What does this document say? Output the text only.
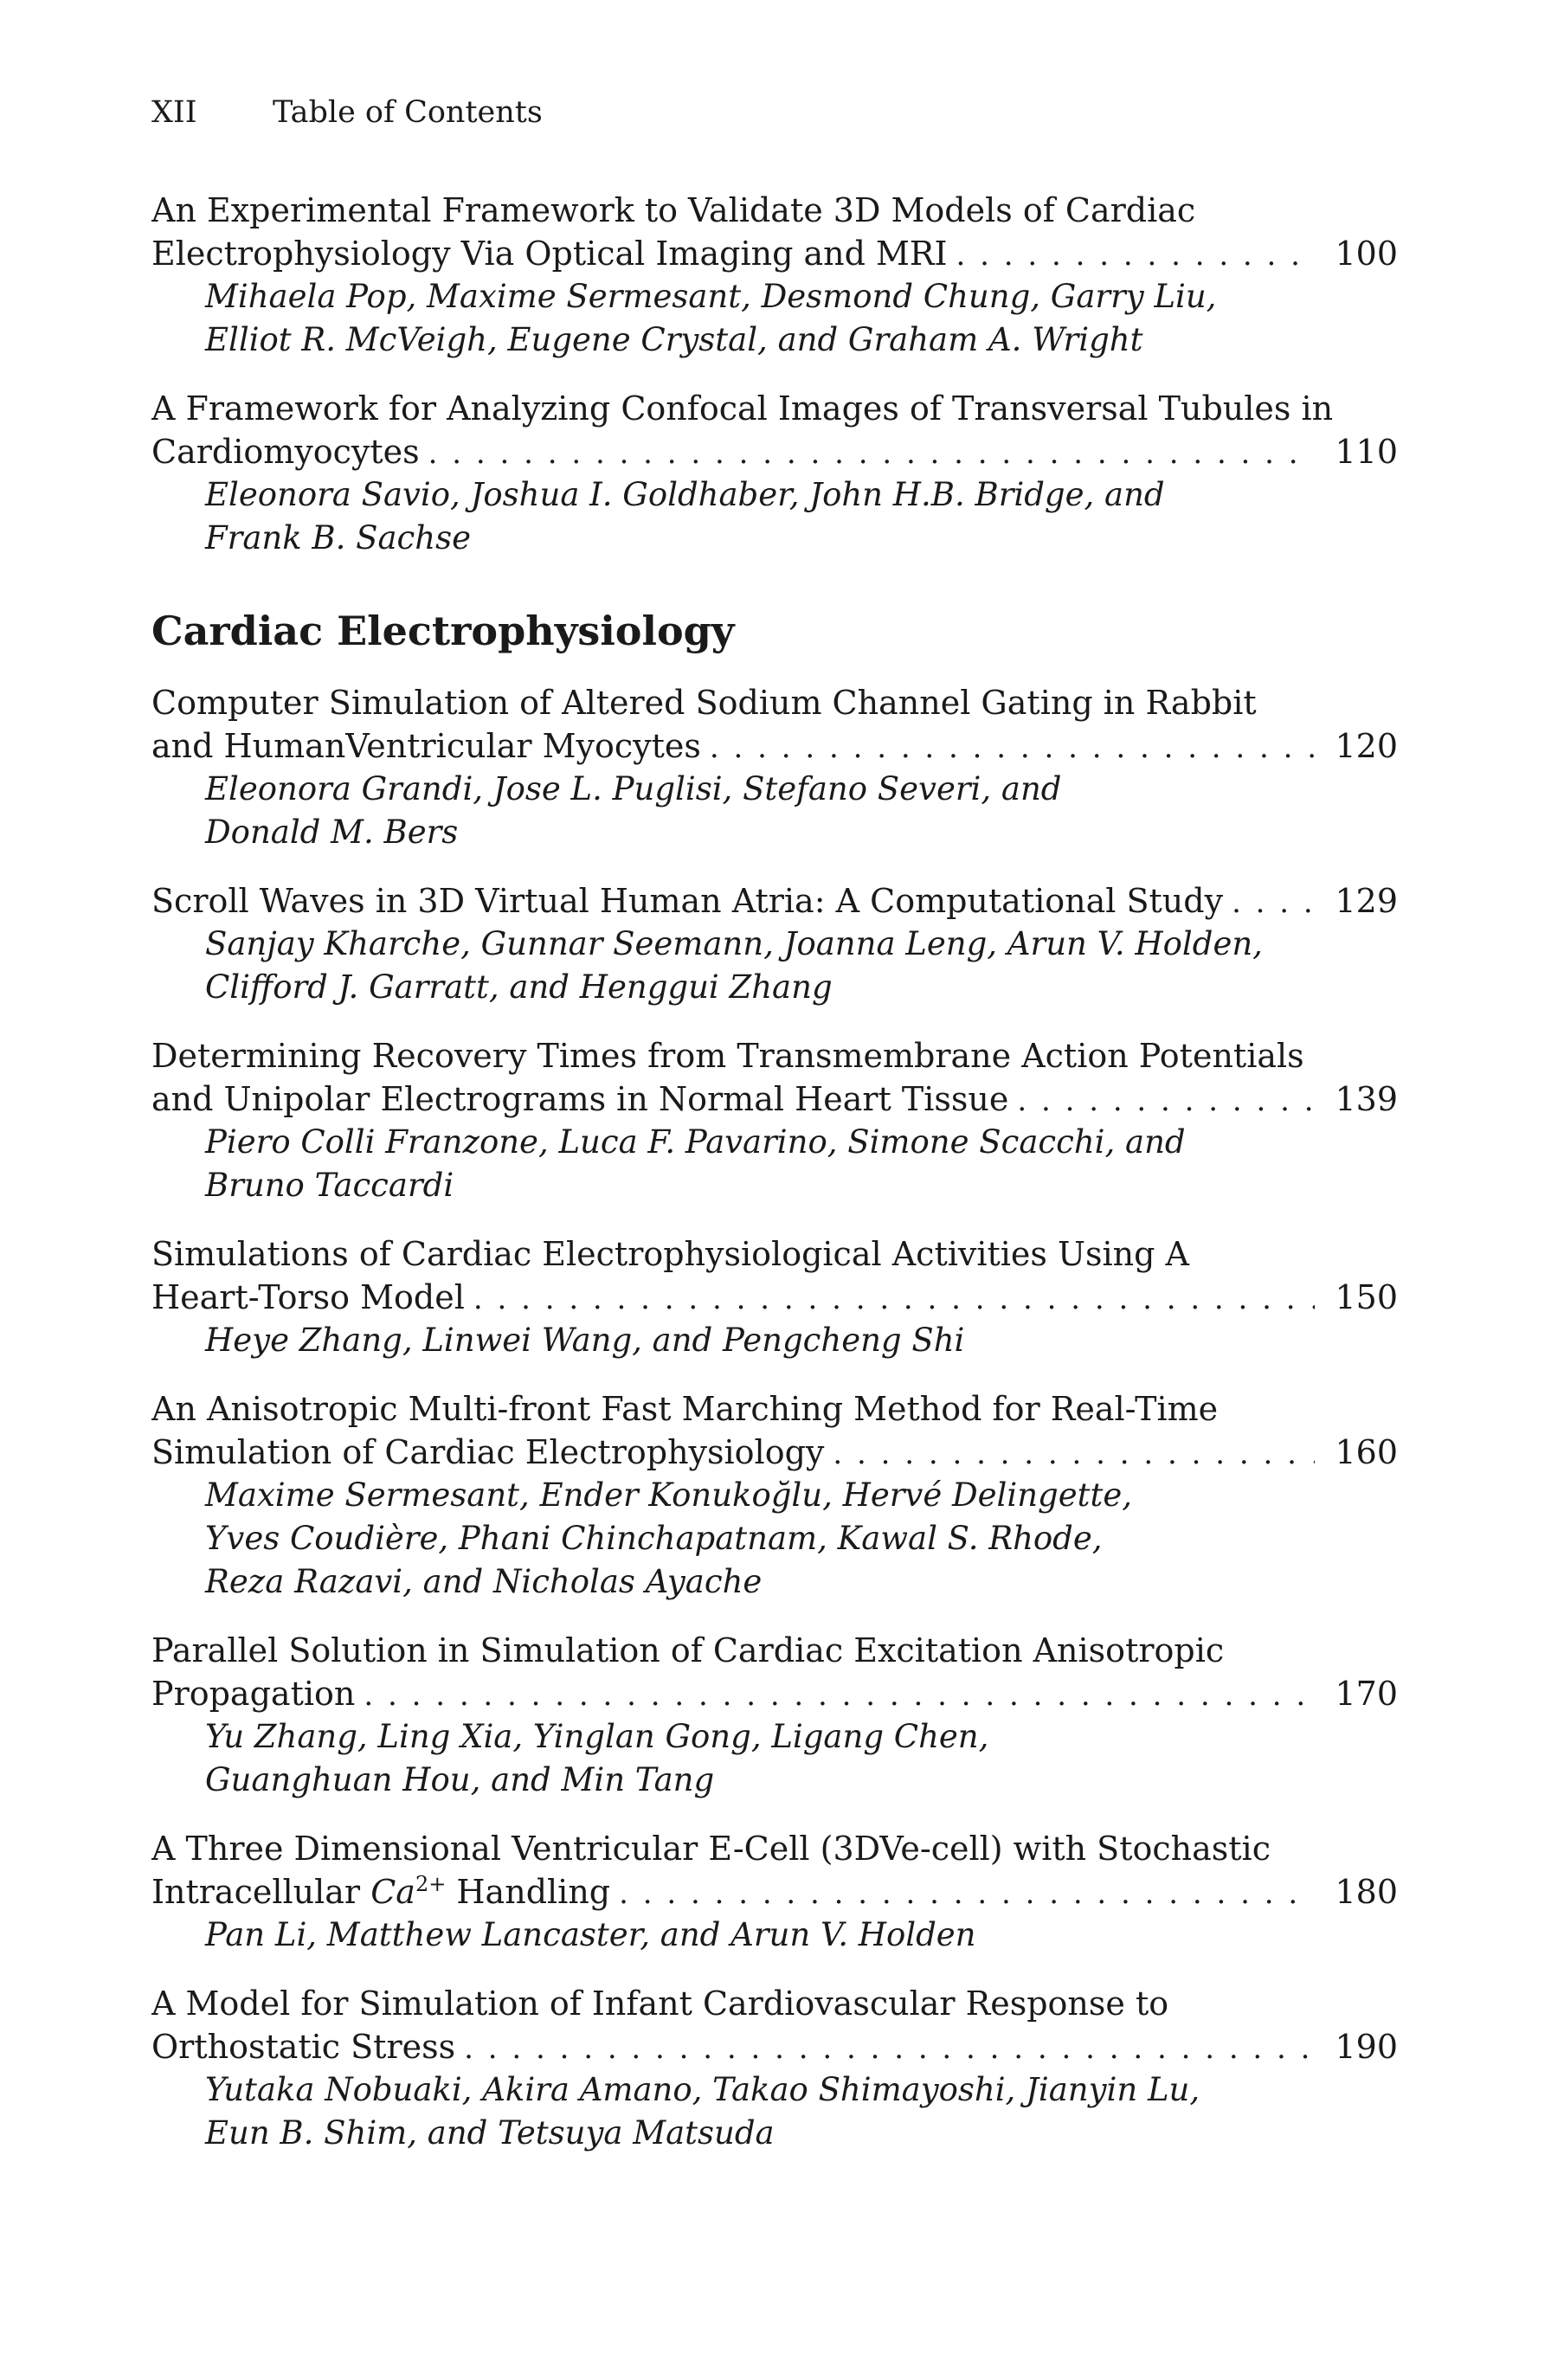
XII Table of Contents
An Experimental Framework to Validate 3D Models of Cardiac
Electrophysiology Via Optical Imaging and MRI . . .	100
Mihaela Pop, Maxime Sermesant, Desmond Chung, Garry Liu,
Elliot R. McVeigh, Eugene Crystal, and Graham A. Wright
A Framework for Analyzing Confocal Images of Transversal Tubules in
Cardiomyocytes . . .	110
Eleonora Savio, Joshua I. Goldhaber, John H.B. Bridge, and
Frank B. Sachse
Cardiac Electrophysiology
Computer Simulation of Altered Sodium Channel Gating in Rabbit
and HumanVentricular Myocytes . . .	120
Eleonora Grandi, Jose L. Puglisi, Stefano Severi, and
Donald M. Bers
Scroll Waves in 3D Virtual Human Atria: A Computational Study . . .	129
Sanjay Kharche, Gunnar Seemann, Joanna Leng, Arun V. Holden,
Clifford J. Garratt, and Henggui Zhang
Determining Recovery Times from Transmembrane Action Potentials
and Unipolar Electrograms in Normal Heart Tissue . . .	139
Piero Colli Franzone, Luca F. Pavarino, Simone Scacchi, and
Bruno Taccardi
Simulations of Cardiac Electrophysiological Activities Using A
Heart-Torso Model . . .	150
Heye Zhang, Linwei Wang, and Pengcheng Shi
An Anisotropic Multi-front Fast Marching Method for Real-Time
Simulation of Cardiac Electrophysiology . . .	160
Maxime Sermesant, Ender Konukoğlu, Hervé Delingette,
Yves Coudière, Phani Chinchapatnam, Kawal S. Rhode,
Reza Razavi, and Nicholas Ayache
Parallel Solution in Simulation of Cardiac Excitation Anisotropic
Propagation . . .	170
Yu Zhang, Ling Xia, Yinglan Gong, Ligang Chen,
Guanghuan Hou, and Min Tang
A Three Dimensional Ventricular E-Cell (3DVe-cell) with Stochastic
Intracellular $Ca^{2+}$ Handling . . .	180
Pan Li, Matthew Lancaster, and Arun V. Holden
A Model for Simulation of Infant Cardiovascular Response to
Orthostatic Stress . . .	190
Yutaka Nobuaki, Akira Amano, Takao Shimayoshi, Jianyin Lu,
Eun B. Shim, and Tetsuya Matsuda
